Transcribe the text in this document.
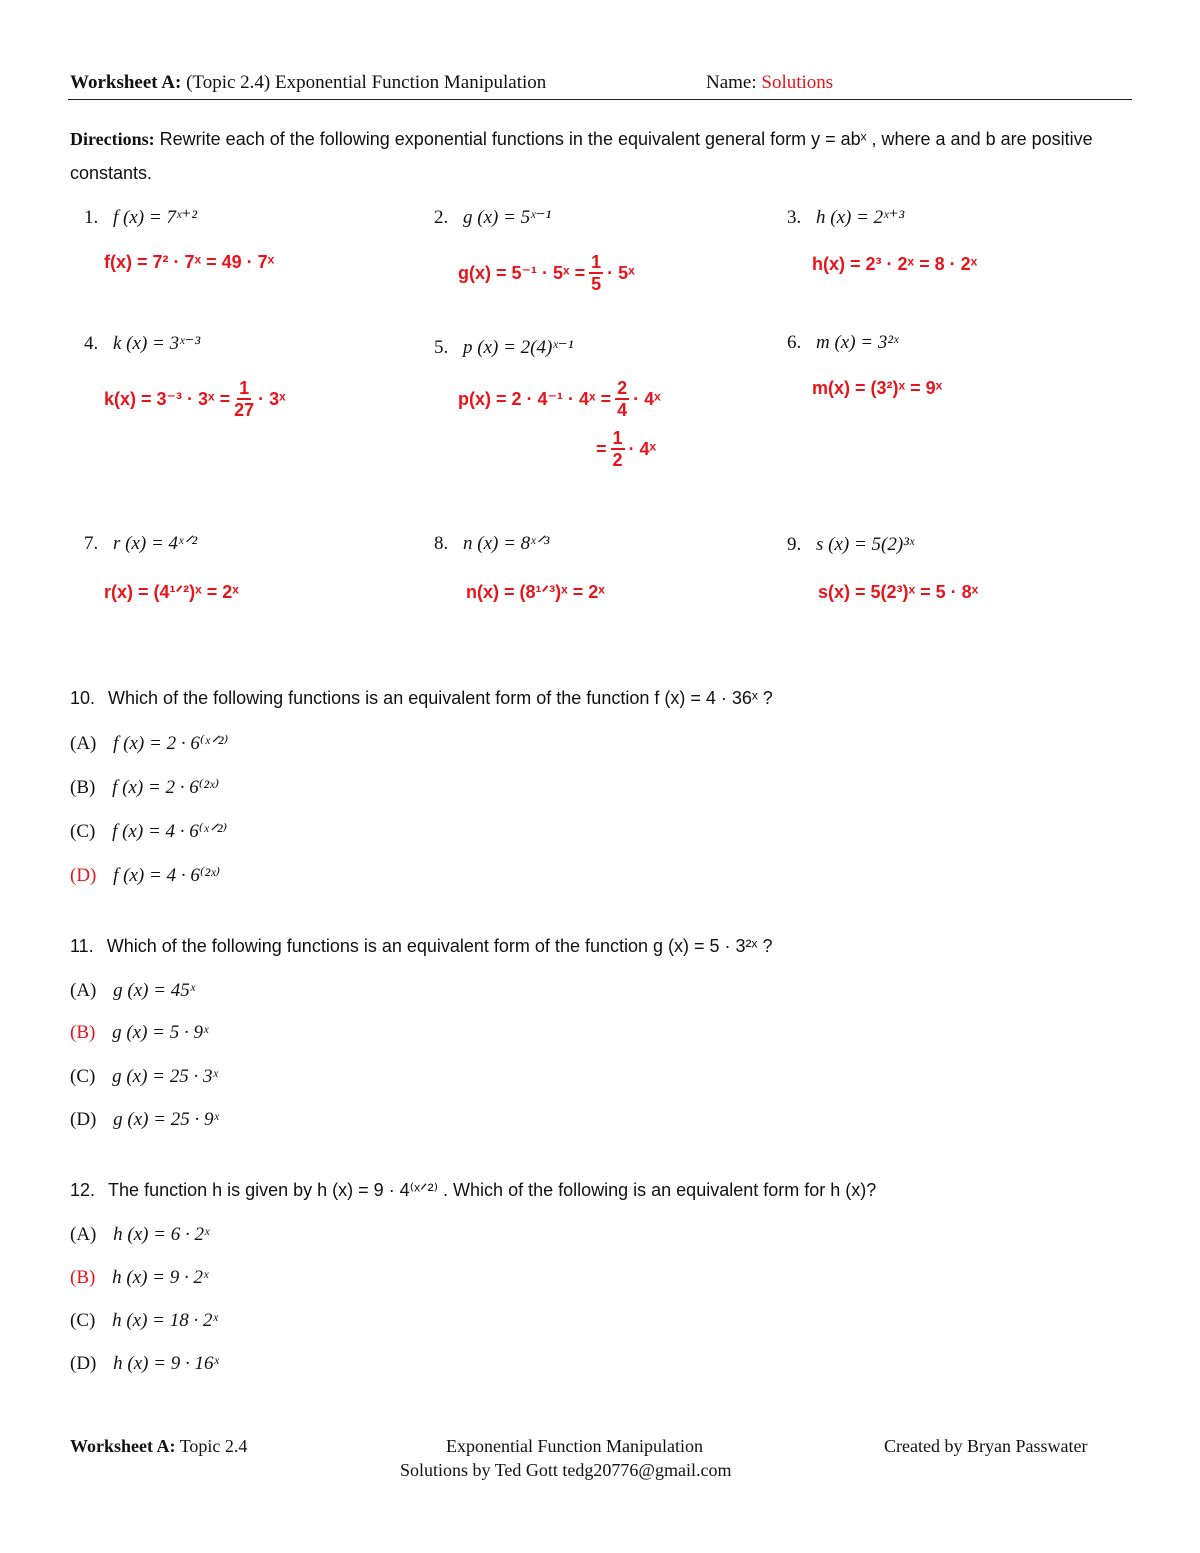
Worksheet A: (Topic 2.4) Exponential Function Manipulation	Name: Solutions
Directions: Rewrite each of the following exponential functions in the equivalent general form y = abˣ , where a and b are positive constants.
1. f (x) = 7ˣ⁺²
f(x) = 7² · 7ˣ = 49 · 7ˣ
2. g (x) = 5ˣ⁻¹
g(x) = 5⁻¹ · 5ˣ = $\frac{1}{5}$ · 5ˣ
3. h (x) = 2ˣ⁺³
h(x) = 2³ · 2ˣ = 8 · 2ˣ
4. k (x) = 3ˣ⁻³
k(x) = 3⁻³ · 3ˣ = $\frac{1}{27}$ · 3ˣ
5. p (x) = 2(4)ˣ⁻¹
p(x) = 2 · 4⁻¹ · 4ˣ = $\frac{2}{4}$ · 4ˣ
= $\frac{1}{2}$ · 4ˣ
6. m (x) = 3²ˣ
m(x) = (3²)ˣ = 9ˣ
7. r (x) = 4ˣᐟ²
r(x) = (4¹ᐟ²)ˣ = 2ˣ
8. n (x) = 8ˣᐟ³
n(x) = (8¹ᐟ³)ˣ = 2ˣ
9. s (x) = 5(2)³ˣ
s(x) = 5(2³)ˣ = 5 · 8ˣ
10. Which of the following functions is an equivalent form of the function f (x) = 4 · 36ˣ ?
(A) f (x) = 2 · 6⁽ˣᐟ²⁾
(B) f (x) = 2 · 6⁽²ˣ⁾
(C) f (x) = 4 · 6⁽ˣᐟ²⁾
(D) f (x) = 4 · 6⁽²ˣ⁾
11. Which of the following functions is an equivalent form of the function g (x) = 5 · 3²ˣ ?
(A) g (x) = 45ˣ
(B) g (x) = 5 · 9ˣ
(C) g (x) = 25 · 3ˣ
(D) g (x) = 25 · 9ˣ
12. The function h is given by h (x) = 9 · 4⁽ˣᐟ²⁾ . Which of the following is an equivalent form for h (x)?
(A) h (x) = 6 · 2ˣ
(B) h (x) = 9 · 2ˣ
(C) h (x) = 18 · 2ˣ
(D) h (x) = 9 · 16ˣ
Worksheet A: Topic 2.4	Exponential Function Manipulation	Created by Bryan Passwater
Solutions by Ted Gott tedg20776@gmail.com
